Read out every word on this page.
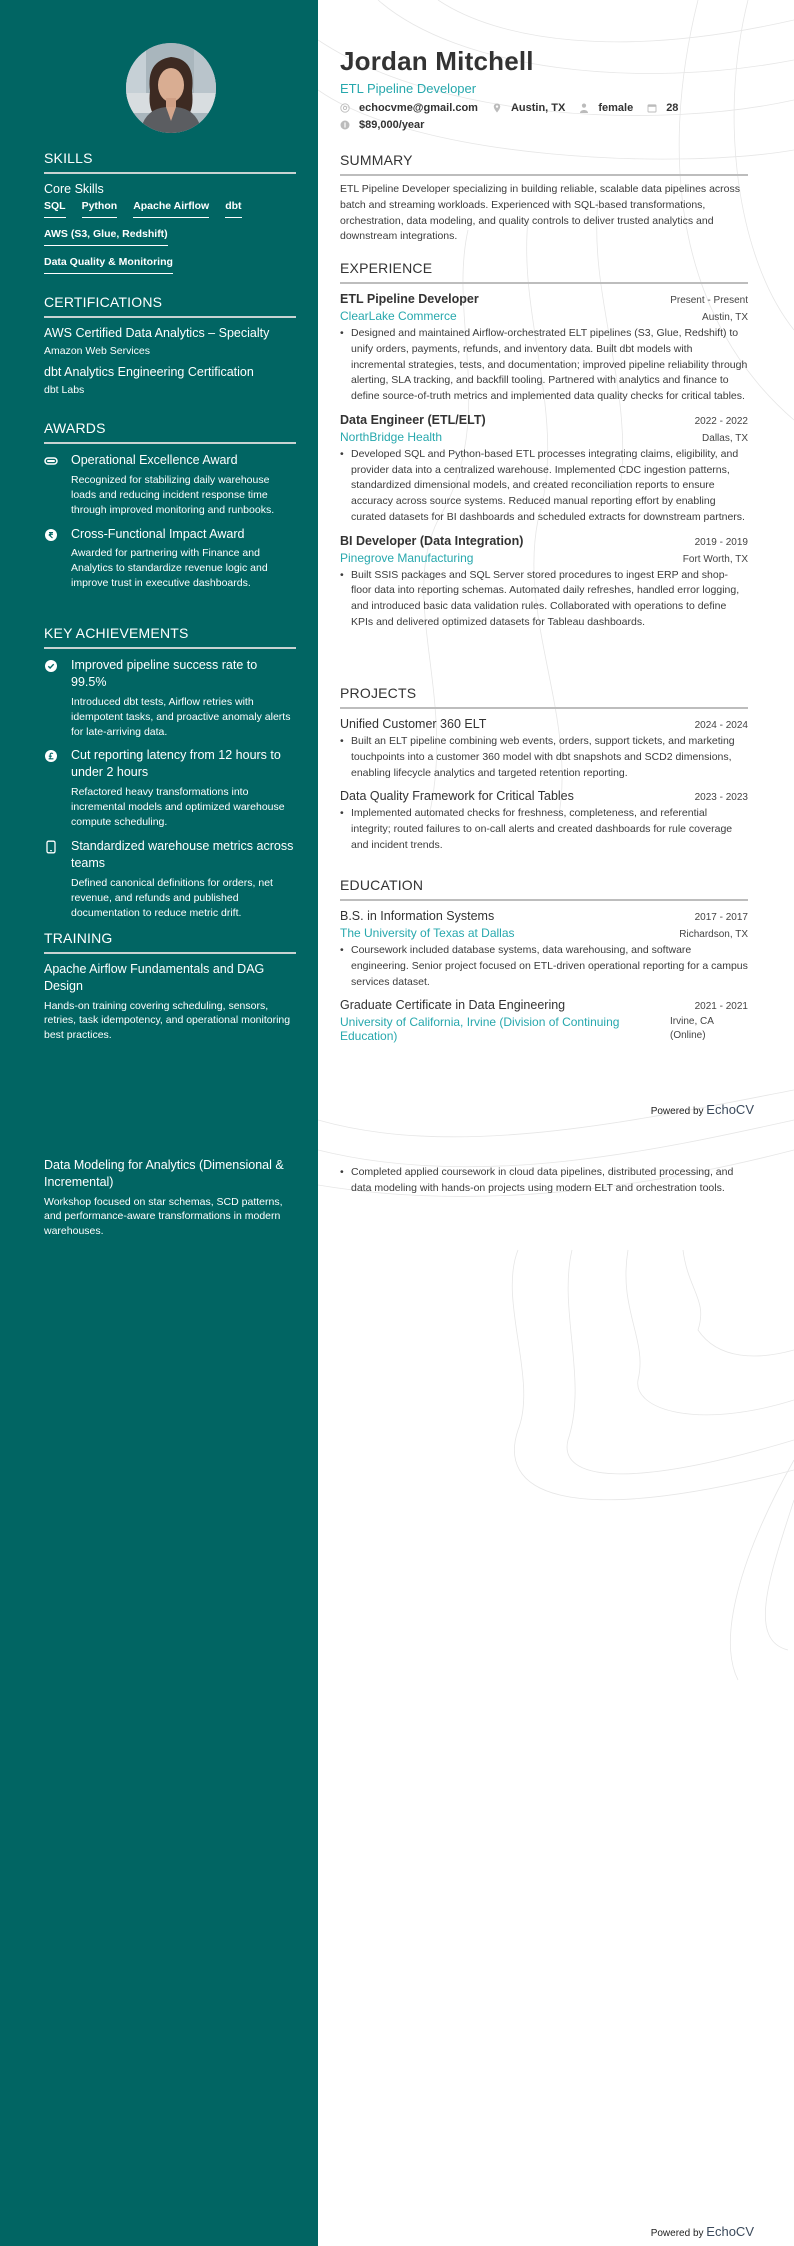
SKILLS
Core Skills
SQL Python Apache Airflow dbt
AWS (S3, Glue, Redshift)
Data Quality & Monitoring
CERTIFICATIONS
AWS Certified Data Analytics – Specialty
Amazon Web Services
dbt Analytics Engineering Certification
dbt Labs
AWARDS
Operational Excellence Award
Recognized for stabilizing daily warehouse loads and reducing incident response time through improved monitoring and runbooks.
Cross-Functional Impact Award
Awarded for partnering with Finance and Analytics to standardize revenue logic and improve trust in executive dashboards.
KEY ACHIEVEMENTS
Improved pipeline success rate to 99.5%
Introduced dbt tests, Airflow retries with idempotent tasks, and proactive anomaly alerts for late-arriving data.
Cut reporting latency from 12 hours to under 2 hours
Refactored heavy transformations into incremental models and optimized warehouse compute scheduling.
Standardized warehouse metrics across teams
Defined canonical definitions for orders, net revenue, and refunds and published documentation to reduce metric drift.
TRAINING
Apache Airflow Fundamentals and DAG Design
Hands-on training covering scheduling, sensors, retries, task idempotency, and operational monitoring best practices.
Data Modeling for Analytics (Dimensional & Incremental)
Workshop focused on star schemas, SCD patterns, and performance-aware transformations in modern warehouses.
Jordan Mitchell
ETL Pipeline Developer
echocvme@gmail.com	Austin, TX	female	28
$89,000/year
SUMMARY

ETL Pipeline Developer specializing in building reliable, scalable data pipelines across batch and streaming workloads. Experienced with SQL-based transformations, orchestration, data modeling, and quality controls to deliver trusted analytics and downstream integrations.

EXPERIENCE
ETL Pipeline Developer	Present - Present
ClearLake Commerce	Austin, TX
• Designed and maintained Airflow-orchestrated ELT pipelines (S3, Glue, Redshift) to unify orders, payments, refunds, and inventory data. Built dbt models with incremental strategies, tests, and documentation; improved pipeline reliability through alerting, SLA tracking, and backfill tooling. Partnered with analytics and finance to define source-of-truth metrics and implemented data quality checks for critical tables.
Data Engineer (ETL/ELT)	2022 - 2022
NorthBridge Health	Dallas, TX
• Developed SQL and Python-based ETL processes integrating claims, eligibility, and provider data into a centralized warehouse. Implemented CDC ingestion patterns, standardized dimensional models, and created reconciliation reports to ensure accuracy across source systems. Reduced manual reporting effort by enabling curated datasets for BI dashboards and scheduled extracts for downstream partners.
BI Developer (Data Integration)	2019 - 2019
Pinegrove Manufacturing	Fort Worth, TX
• Built SSIS packages and SQL Server stored procedures to ingest ERP and shop-floor data into reporting schemas. Automated daily refreshes, handled error logging, and introduced basic data validation rules. Collaborated with operations to define KPIs and delivered optimized datasets for Tableau dashboards.
PROJECTS
Unified Customer 360 ELT	2024 - 2024
• Built an ELT pipeline combining web events, orders, support tickets, and marketing touchpoints into a customer 360 model with dbt snapshots and SCD2 dimensions, enabling lifecycle analytics and targeted retention reporting.
Data Quality Framework for Critical Tables	2023 - 2023
• Implemented automated checks for freshness, completeness, and referential integrity; routed failures to on-call alerts and created dashboards for rule coverage and incident trends.
EDUCATION
B.S. in Information Systems	2017 - 2017
The University of Texas at Dallas	Richardson, TX
• Coursework included database systems, data warehousing, and software engineering. Senior project focused on ETL-driven operational reporting for a campus services dataset.
Graduate Certificate in Data Engineering	2021 - 2021
University of California, Irvine (Division of Continuing Education)
Irvine, CA (Online)
Powered by EchoCV
• Completed applied coursework in cloud data pipelines, distributed processing, and data modeling with hands-on projects using modern ELT and orchestration tools.
Powered by EchoCV
